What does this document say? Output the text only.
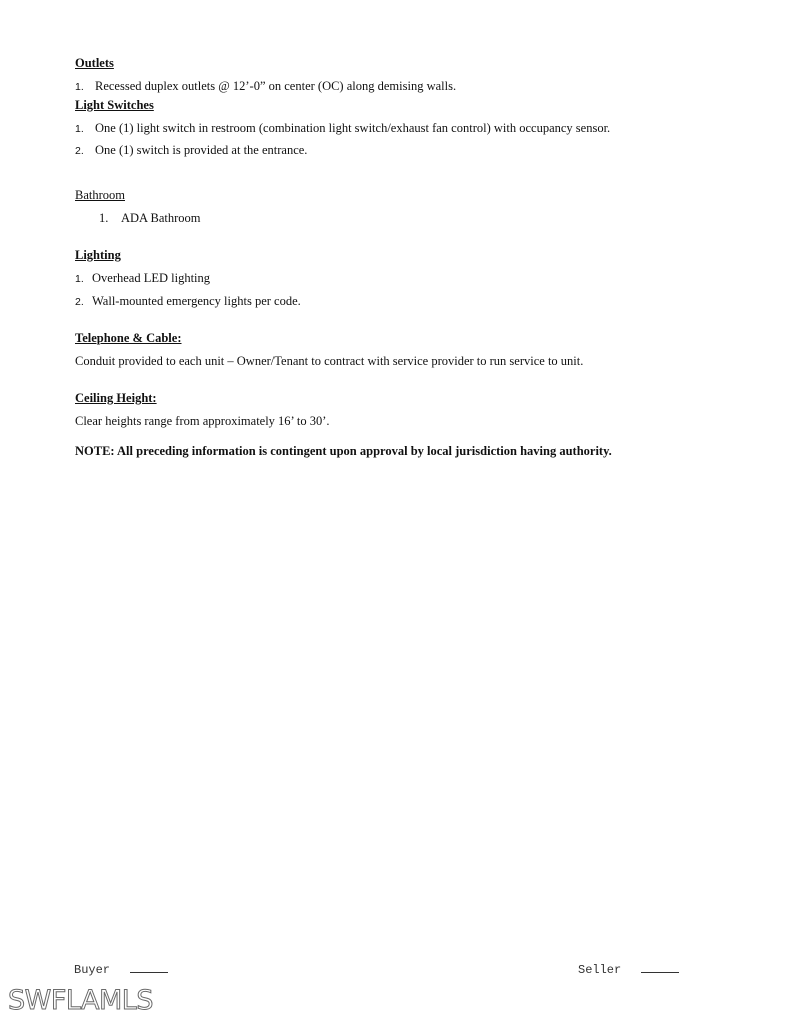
Outlets
1. Recessed duplex outlets @ 12’-0” on center (OC) along demising walls.
Light Switches
1. One (1) light switch in restroom (combination light switch/exhaust fan control) with occupancy sensor.
2. One (1) switch is provided at the entrance.
Bathroom
1. ADA Bathroom
Lighting
1. Overhead LED lighting
2. Wall-mounted emergency lights per code.
Telephone & Cable:
Conduit provided to each unit – Owner/Tenant to contract with service provider to run service to unit.
Ceiling Height:
Clear heights range from approximately 16’ to 30’.
NOTE: All preceding information is contingent upon approval by local jurisdiction having authority.
Buyer	Seller
SWFLAMLS
